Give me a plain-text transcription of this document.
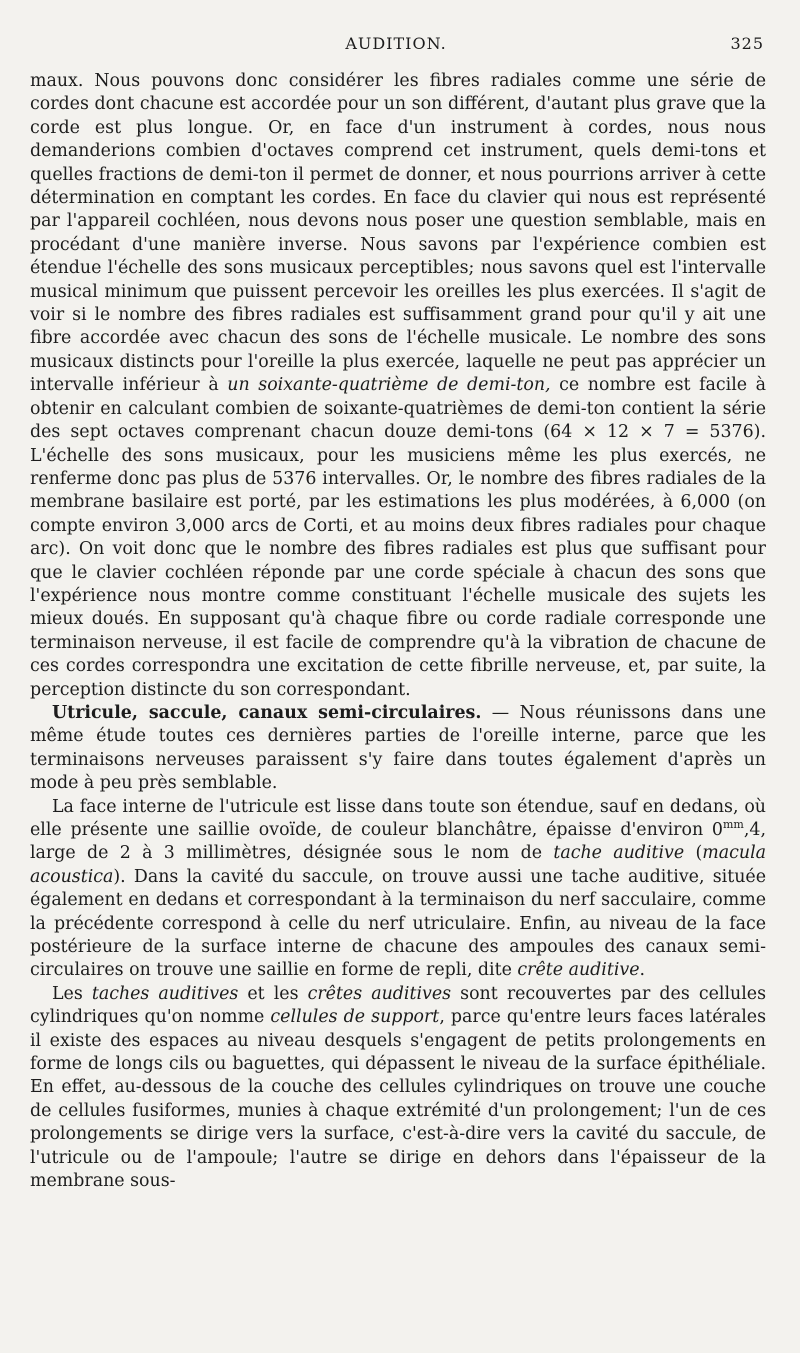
AUDITION.	325

maux. Nous pouvons donc considérer les fibres radiales comme une série de cordes dont chacune est accordée pour un son différent, d'autant plus grave que la corde est plus longue. Or, en face d'un instrument à cordes, nous nous demanderions combien d'octaves comprend cet instrument, quels demi-tons et quelles fractions de demi-ton il permet de donner, et nous pourrions arriver à cette détermination en comptant les cordes. En face du clavier qui nous est représenté par l'appareil cochléen, nous devons nous poser une question semblable, mais en procédant d'une manière inverse. Nous savons par l'expérience combien est étendue l'échelle des sons musicaux perceptibles; nous savons quel est l'intervalle musical minimum que puissent percevoir les oreilles les plus exercées. Il s'agit de voir si le nombre des fibres radiales est suffisamment grand pour qu'il y ait une fibre accordée avec chacun des sons de l'échelle musicale. Le nombre des sons musicaux distincts pour l'oreille la plus exercée, laquelle ne peut pas apprécier un intervalle inférieur à un soixante-quatrième de demi-ton, ce nombre est facile à obtenir en calculant combien de soixante-quatrièmes de demi-ton contient la série des sept octaves comprenant chacun douze demi-tons (64 × 12 × 7 = 5376). L'échelle des sons musicaux, pour les musiciens même les plus exercés, ne renferme donc pas plus de 5376 intervalles. Or, le nombre des fibres radiales de la membrane basilaire est porté, par les estimations les plus modérées, à 6,000 (on compte environ 3,000 arcs de Corti, et au moins deux fibres radiales pour chaque arc). On voit donc que le nombre des fibres radiales est plus que suffisant pour que le clavier cochléen réponde par une corde spéciale à chacun des sons que l'expérience nous montre comme constituant l'échelle musicale des sujets les mieux doués. En supposant qu'à chaque fibre ou corde radiale corresponde une terminaison nerveuse, il est facile de comprendre qu'à la vibration de chacune de ces cordes correspondra une excitation de cette fibrille nerveuse, et, par suite, la perception distincte du son correspondant.

Utricule, saccule, canaux semi-circulaires. — Nous réunissons dans une même étude toutes ces dernières parties de l'oreille interne, parce que les terminaisons nerveuses paraissent s'y faire dans toutes également d'après un mode à peu près semblable.

La face interne de l'utricule est lisse dans toute son étendue, sauf en dedans, où elle présente une saillie ovoïde, de couleur blanchâtre, épaisse d'environ $0^{mm},4$, large de 2 à 3 millimètres, désignée sous le nom de tache auditive (macula acoustica). Dans la cavité du saccule, on trouve aussi une tache auditive, située également en dedans et correspondant à la terminaison du nerf sacculaire, comme la précédente correspond à celle du nerf utriculaire. Enfin, au niveau de la face postérieure de la surface interne de chacune des ampoules des canaux semi-circulaires on trouve une saillie en forme de repli, dite crête auditive.

Les taches auditives et les crêtes auditives sont recouvertes par des cellules cylindriques qu'on nomme cellules de support, parce qu'entre leurs faces latérales il existe des espaces au niveau desquels s'engagent de petits prolongements en forme de longs cils ou baguettes, qui dépassent le niveau de la surface épithéliale. En effet, au-dessous de la couche des cellules cylindriques on trouve une couche de cellules fusiformes, munies à chaque extrémité d'un prolongement; l'un de ces prolongements se dirige vers la surface, c'est-à-dire vers la cavité du saccule, de l'utricule ou de l'ampoule; l'autre se dirige en dehors dans l'épaisseur de la membrane sous-
